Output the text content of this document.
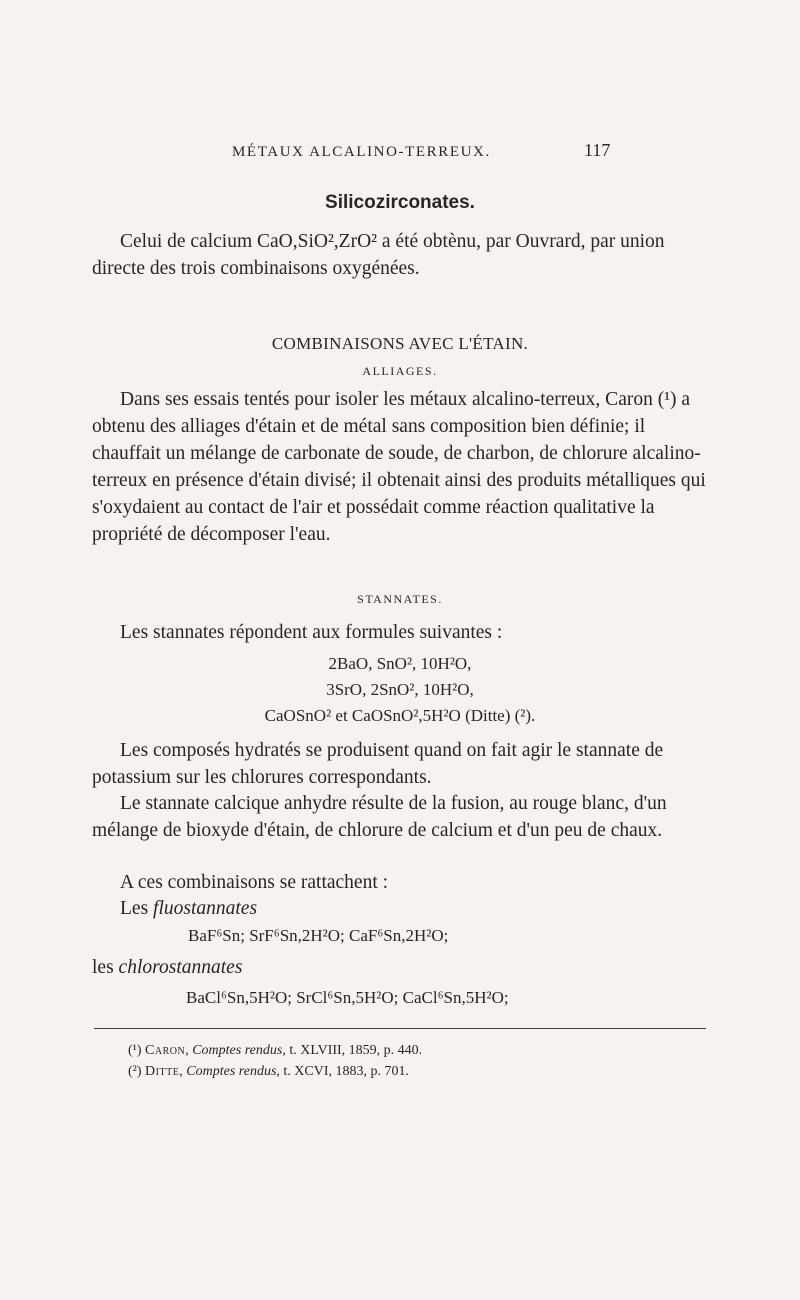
MÉTAUX ALCALINO-TERREUX.	117
Silicozirconates.
Celui de calcium CaO,SiO²,ZrO² a été obtènu, par Ouvrard, par union directe des trois combinaisons oxygénées.
COMBINAISONS AVEC L'ÉTAIN.
ALLIAGES.
Dans ses essais tentés pour isoler les métaux alcalino-terreux, Caron (¹) a obtenu des alliages d'étain et de métal sans composition bien définie; il chauffait un mélange de carbonate de soude, de charbon, de chlorure alcalino-terreux en présence d'étain divisé; il obtenait ainsi des produits métalliques qui s'oxydaient au contact de l'air et possédait comme réaction qualitative la propriété de décomposer l'eau.
STANNATES.
Les stannates répondent aux formules suivantes :
2BaO, SnO², 10H²O,
3SrO, 2SnO², 10H²O,
CaOSnO² et CaOSnO²,5H²O (Ditte) (²).
Les composés hydratés se produisent quand on fait agir le stannate de potassium sur les chlorures correspondants.
Le stannate calcique anhydre résulte de la fusion, au rouge blanc, d'un mélange de bioxyde d'étain, de chlorure de calcium et d'un peu de chaux.
A ces combinaisons se rattachent :
Les fluostannates
BaF⁶Sn; SrF⁶Sn,2H²O; CaF⁶Sn,2H²O;
les chlorostannates
BaCl⁶Sn,5H²O; SrCl⁶Sn,5H²O; CaCl⁶Sn,5H²O;
(¹) Caron, Comptes rendus, t. XLVIII, 1859, p. 440.
(²) Ditte, Comptes rendus, t. XCVI, 1883, p. 701.
